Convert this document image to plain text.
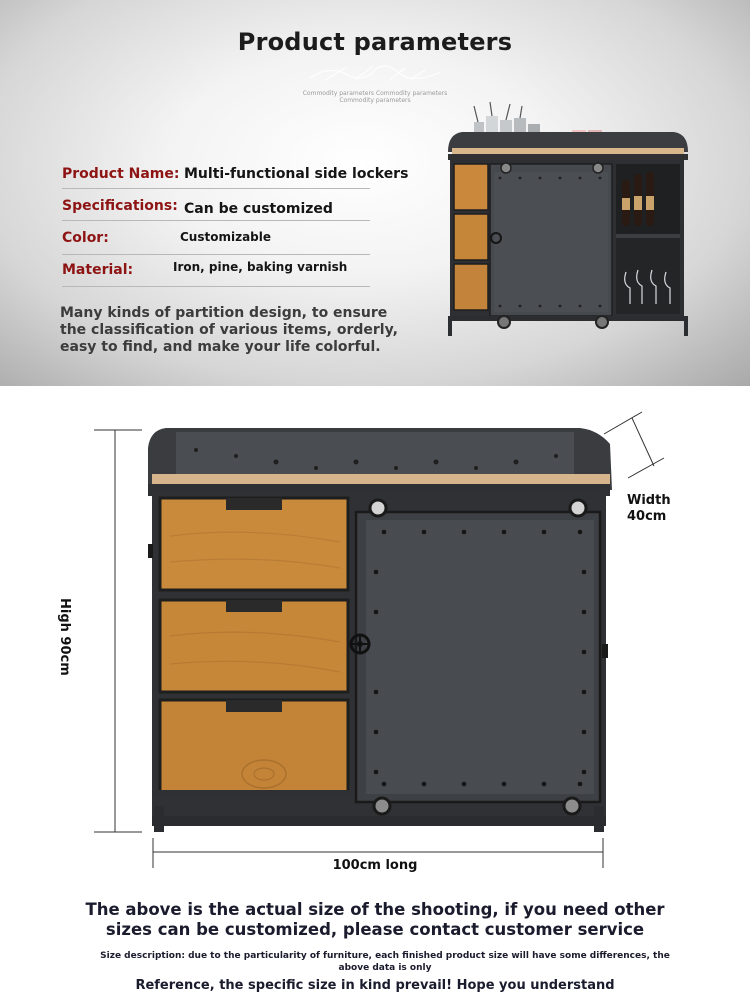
Product parameters
Commodity parameters Commodity parameters
Commodity parameters
Product Name: Multi-functional side lockers
Specifications: Can be customized
Color:	Customizable
Material:	Iron, pine, baking varnish
Many kinds of partition design, to ensure the classification of various items, orderly, easy to find, and make your life colorful.
Width
40cm
High 90cm
100cm long
The above is the actual size of the shooting, if you need other sizes can be customized, please contact customer service
Size description: due to the particularity of furniture, each finished product size will have some differences, the above data is only
Reference, the specific size in kind prevail! Hope you understand
